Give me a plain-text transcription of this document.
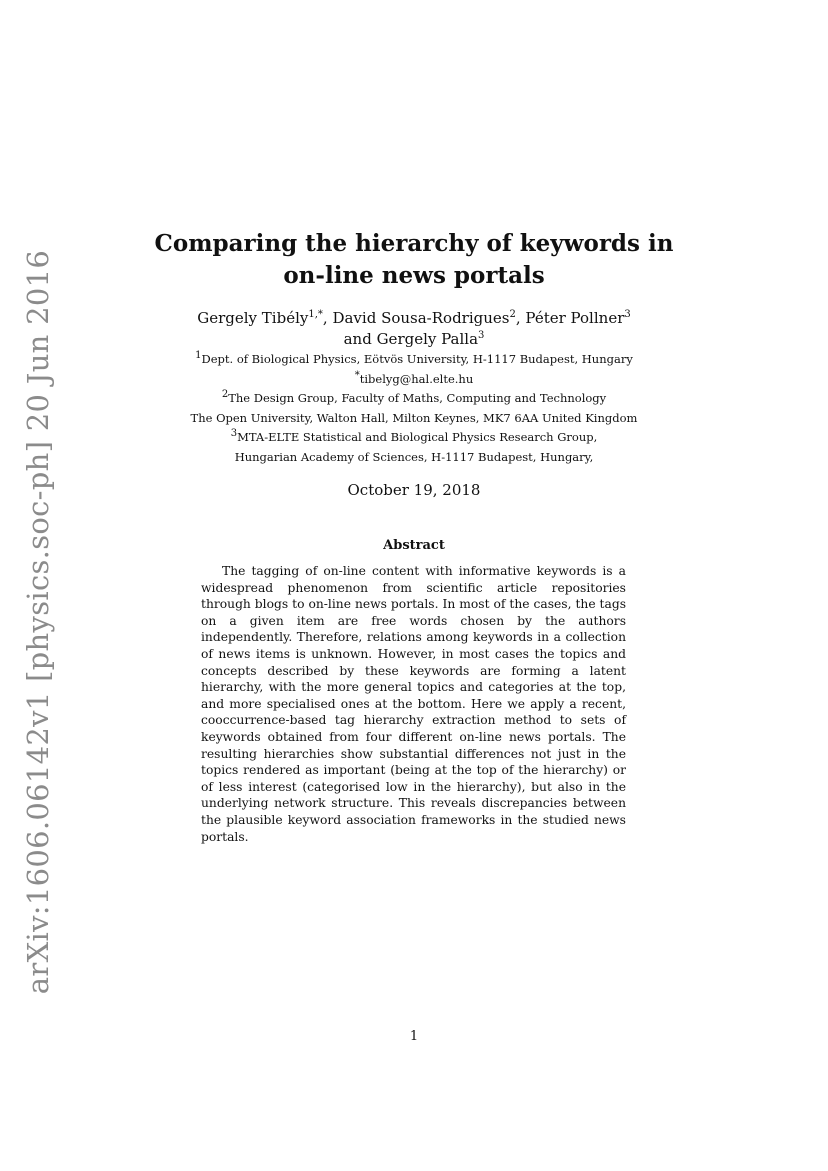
arXiv:1606.06142v1 [physics.soc-ph] 20 Jun 2016
Comparing the hierarchy of keywords in
on-line news portals
Gergely Tibély$^{1,*}$, David Sousa-Rodrigues$^2$, Péter Pollner$^3$
and Gergely Palla$^3$
$^1$Dept. of Biological Physics, Eötvös University, H-1117 Budapest, Hungary
*tibelyg@hal.elte.hu
$^2$The Design Group, Faculty of Maths, Computing and Technology
The Open University, Walton Hall, Milton Keynes, MK7 6AA United Kingdom
$^3$MTA-ELTE Statistical and Biological Physics Research Group,
Hungarian Academy of Sciences, H-1117 Budapest, Hungary,
October 19, 2018
Abstract

The tagging of on-line content with informative keywords is a widespread phenomenon from scientific article repositories through blogs to on-line news portals. In most of the cases, the tags on a given item are free words chosen by the authors independently. Therefore, relations among keywords in a collection of news items is unknown. However, in most cases the topics and concepts described by these keywords are forming a latent hierarchy, with the more general topics and categories at the top, and more specialised ones at the bottom. Here we apply a recent, cooccurrence-based tag hierarchy extraction method to sets of keywords obtained from four different on-line news portals. The resulting hierarchies show substantial differences not just in the topics rendered as important (being at the top of the hierarchy) or of less interest (categorised low in the hierarchy), but also in the underlying network structure. This reveals discrepancies between the plausible keyword association frameworks in the studied news portals.

1
